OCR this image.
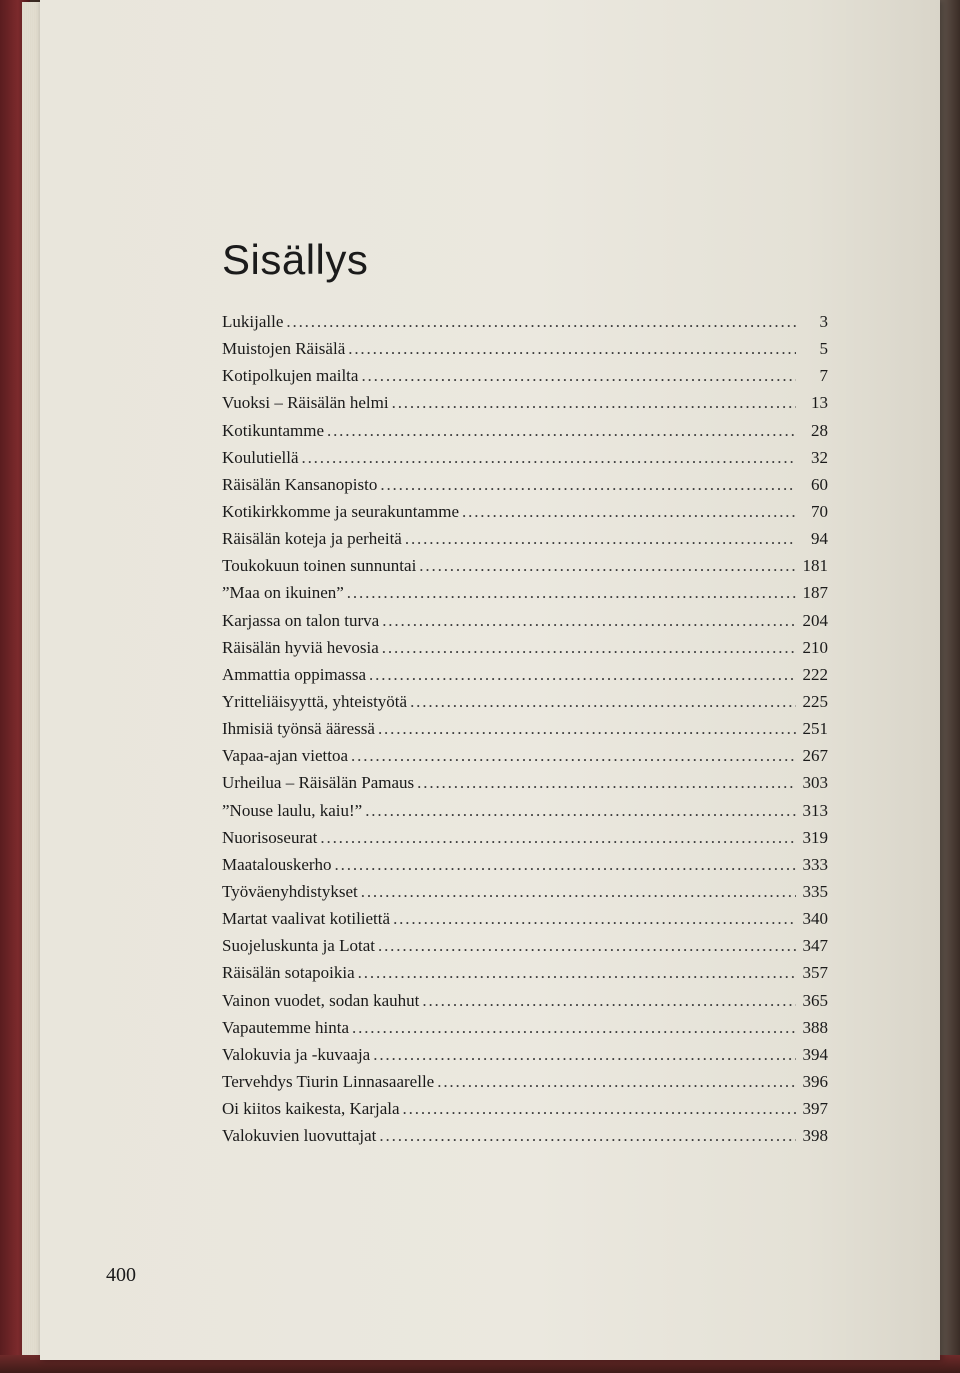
Sisällys
Lukijalle . . .	3
Muistojen Räisälä . . .	5
Kotipolkujen mailta . . .	7
Vuoksi – Räisälän helmi . . .	13
Kotikuntamme . . .	28
Koulutiellä . . .	32
Räisälän Kansanopisto . . .	60
Kotikirkkomme ja seurakuntamme . . .	70
Räisälän koteja ja perheitä . . .	94
Toukokuun toinen sunnuntai . . .	181
”Maa on ikuinen” . . .	187
Karjassa on talon turva . . .	204
Räisälän hyviä hevosia . . .	210
Ammattia oppimassa . . .	222
Yritteliäisyyttä, yhteistyötä . . .	225
Ihmisiä työnsä ääressä . . .	251
Vapaa-ajan viettoa . . .	267
Urheilua – Räisälän Pamaus . . .	303
”Nouse laulu, kaiu!” . . .	313
Nuorisoseurat . . .	319
Maatalouskerho . . .	333
Työväenyhdistykset . . .	335
Martat vaalivat kotiliettä . . .	340
Suojeluskunta ja Lotat . . .	347
Räisälän sotapoikia . . .	357
Vainon vuodet, sodan kauhut . . .	365
Vapautemme hinta . . .	388
Valokuvia ja -kuvaaja . . .	394
Tervehdys Tiurin Linnasaarelle . . .	396
Oi kiitos kaikesta, Karjala . . .	397
Valokuvien luovuttajat . . .	398
400
